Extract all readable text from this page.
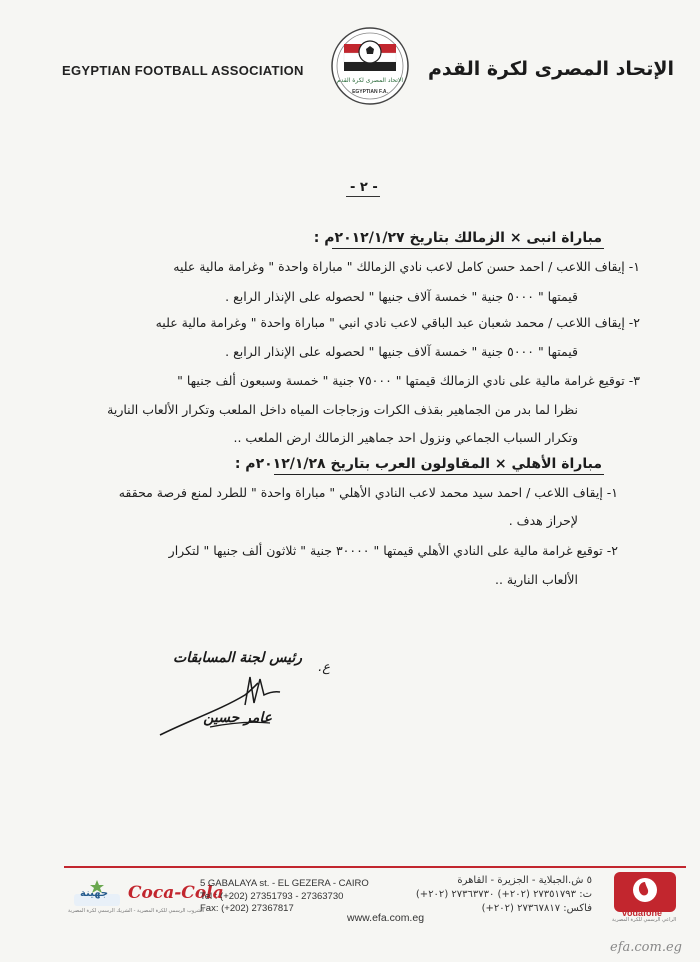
EGYPTIAN FOOTBALL ASSOCIATION
الاتحاد المصرى لكرة القدم
EGYPTIAN F.A.
الإتحاد المصرى لكرة القدم
- ٢ -
مباراة انبى × الزمالك بتاريخ ٢٠١٢/١/٢٧م :
١- إيقاف اللاعب / احمد حسن كامل لاعب نادي الزمالك " مباراة واحدة " وغرامة مالية عليه
قيمتها " ٥٠٠٠ جنية " خمسة آلاف جنيها " لحصوله على الإنذار الرابع .
٢- إيقاف اللاعب / محمد شعبان عبد الباقي لاعب نادي انبي " مباراة واحدة " وغرامة مالية عليه
قيمتها " ٥٠٠٠ جنية " خمسة آلاف جنيها " لحصوله على الإنذار الرابع .
٣- توقيع غرامة مالية على نادي الزمالك قيمتها " ٧٥٠٠٠ جنية " خمسة وسبعون ألف جنيها "
نظرا لما بدر من الجماهير بقذف الكرات وزجاجات المياه داخل الملعب وتكرار الألعاب النارية
وتكرار السباب الجماعي ونزول احد جماهير الزمالك ارض الملعب ..
مباراة الأهلي × المقاولون العرب بتاريخ ٢٠١٢/١/٢٨م :
١- إيقاف اللاعب / احمد سيد محمد لاعب النادي الأهلي " مباراة واحدة " للطرد لمنع فرصة محققه
لإحراز هدف .
٢- توقيع غرامة مالية على النادي الأهلي قيمتها " ٣٠٠٠٠ جنية " ثلاثون ألف جنيها " لتكرار
الألعاب النارية ..
ع.
رئيس لجنة المسابقات
عامر حسين
جهينة
الشروب الرسمي للكرة المصرية - الشريك الرسمي لكرة المصرية
Coca-Cola
5 GABALAYA st. - EL GEZERA - CAIRO
Tel : (+202) 27351793 - 27363730
Fax: (+202) 27367817
٥ ش.الجبلاية - الجزيرة - القاهرة
ت: ٢٧٣٥١٧٩٣ (٢٠٢+) ٢٧٣٦٣٧٣٠ (٢٠٢+)
فاكس: ٢٧٣٦٧٨١٧ (٢٠٢+)
www.efa.com.eg	vodafone
الراعي الرسمي للكرة المصرية
efa.com.eg
